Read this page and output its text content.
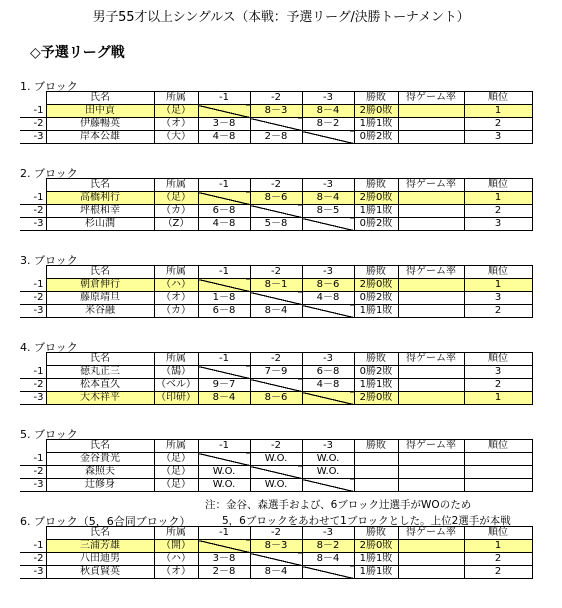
男子55才以上シングルス（本戦：予選リーグ/決勝トーナメント）
◇予選リーグ戦
1. ブロック
	氏名	所属	-1	-2	-3	勝敗	得ゲーム率	順位
-1	田中貢	（足）		8－3	8－4	2勝0敗		1
-2	伊藤暢英	（オ）	3－8		8－2	1勝1敗		2
-3	岸本公雄	（大）	4－8	2－8		0勝2敗		3
2. ブロック
	氏名	所属	-1	-2	-3	勝敗	得ゲーム率	順位
-1	高橋利行	（足）		8－6	8－4	2勝0敗		1
-2	坪根和幸	（カ）	6－8		8－5	1勝1敗		2
-3	杉山潤	（Z）	4－8	5－8		0勝2敗		3
3. ブロック
	氏名	所属	-1	-2	-3	勝敗	得ゲーム率	順位
-1	朝倉伸行	（ハ）		8－1	8－6	2勝0敗		1
-2	藤原靖旦	（オ）	1－8		4－8	0勝2敗		3
-3	米谷融	（カ）	6－8	8－4		1勝1敗		2
4. ブロック
	氏名	所属	-1	-2	-3	勝敗	得ゲーム率	順位
-1	徳丸正三	（鵠）		7－9	6－8	0勝2敗		3
-2	松本直久	（ベル）	9－7		4－8	1勝1敗		2
-3	大木祥平	（印研）	8－4	8－6		2勝0敗		1
5. ブロック
	氏名	所属	-1	-2	-3	勝敗	得ゲーム率	順位
-1	金谷貴光	（足）		W.O.	W.O.			
-2	森照夫	（足）	W.O.		W.O.			
-3	辻修身	（足）	W.O.	W.O.				
6. ブロック（5，6合同ブロック）
	氏名	所属	-1	-2	-3	勝敗	得ゲーム率	順位
-1	三浦芳雄	（開）		8－3	8－2	2勝0敗		1
-2	八田迪男	（ハ）	3－8		8－4	1勝1敗		2
-3	秋貞賢英	（オ）	2－8	8－4		1勝1敗		2
注：金谷、森選手および、6ブロック辻選手がWOのため
5，6ブロックをあわせて1ブロックとした。上位2選手が本戦
